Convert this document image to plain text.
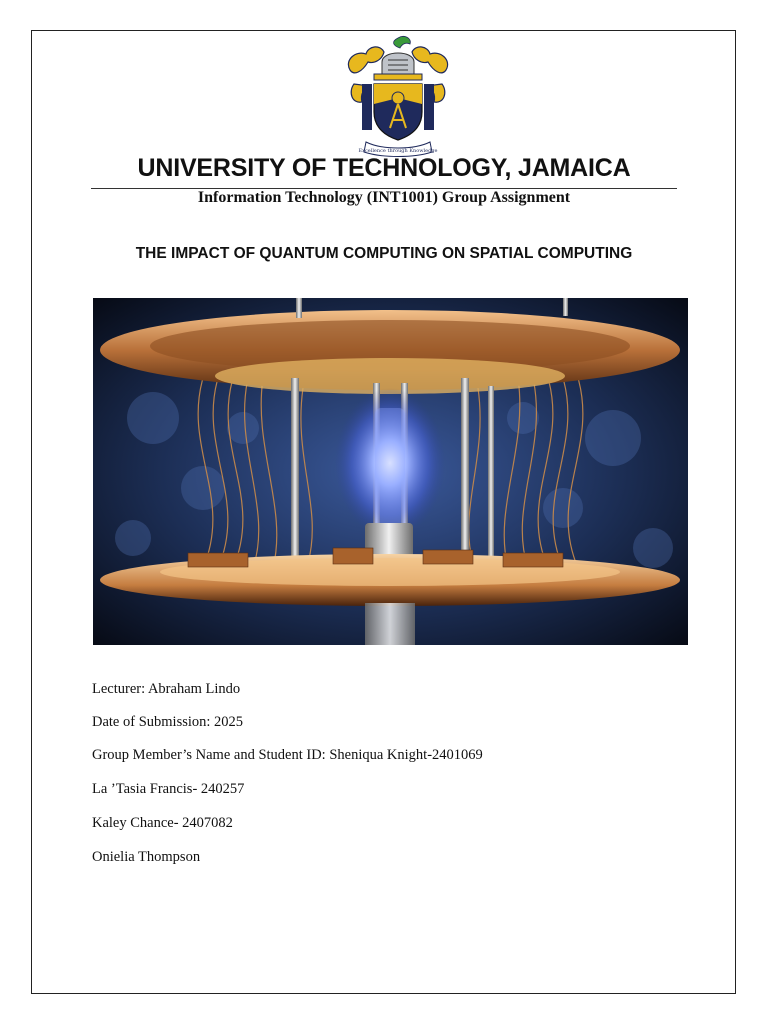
Excellence through Knowledge
UNIVERSITY OF TECHNOLOGY, JAMAICA
Information Technology (INT1001) Group Assignment
THE IMPACT OF QUANTUM COMPUTING ON SPATIAL COMPUTING
Lecturer: Abraham Lindo
Date of Submission: 2025
Group Member’s Name and Student ID: Sheniqua Knight-2401069
La ’Tasia Francis- 240257
Kaley Chance- 2407082
Onielia Thompson
